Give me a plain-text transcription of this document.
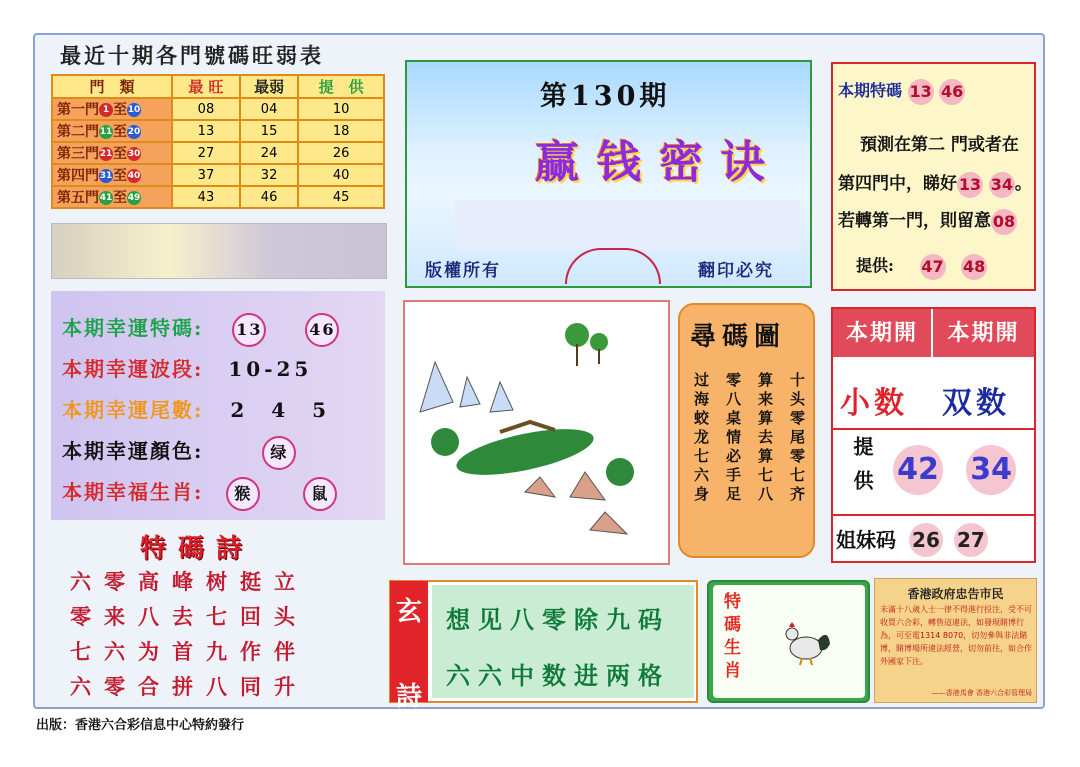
最近十期各門號碼旺弱表
門　類	最 旺	最弱	提　供
第一門 1 至10	08	04	10
第二門11至20	13	15	18
第三門21至30	27	24	26
第四門31至40	37	32	40
第五門41至49	43	46	45
第130期
赢钱密诀
版權所有	翻印必究
本期特碼 13 46
預測在第二 門或者在
第四門中，睇好 13 34 。
若轉第一門，則留意 08
提供: 47 48
本期幸運特碼: 13	46
本期幸運波段: 10-25
本期幸運尾數: 2 4 5
本期幸運顏色:	绿
本期幸福生肖: 猴	鼠
尋碼圖
十头零尾零七齐
算来算去算七八
零八桌情必手足
过海蛟龙七六身
本期開	本期開
小数 双数
提供 42 34
姐妹码 26 27
特碼詩
六零高峰树挺立
零来八去七回头
七六为首九作伴
六零合拼八同升
玄
詩
想见八零除九码
六六中数进两格	特碼生肖	香港政府忠告市民
未滿十八歲人士一律不得進行投注，受不可收買六合彩，轉售這違法，如發現賭博行為，可至電1314 8070，切勿參與非法賭博，賭博場所違法經營，切勿前往，如合作外國家下注。
——香港馬會 香港六合彩管理局
出版：香港六合彩信息中心特約發行
